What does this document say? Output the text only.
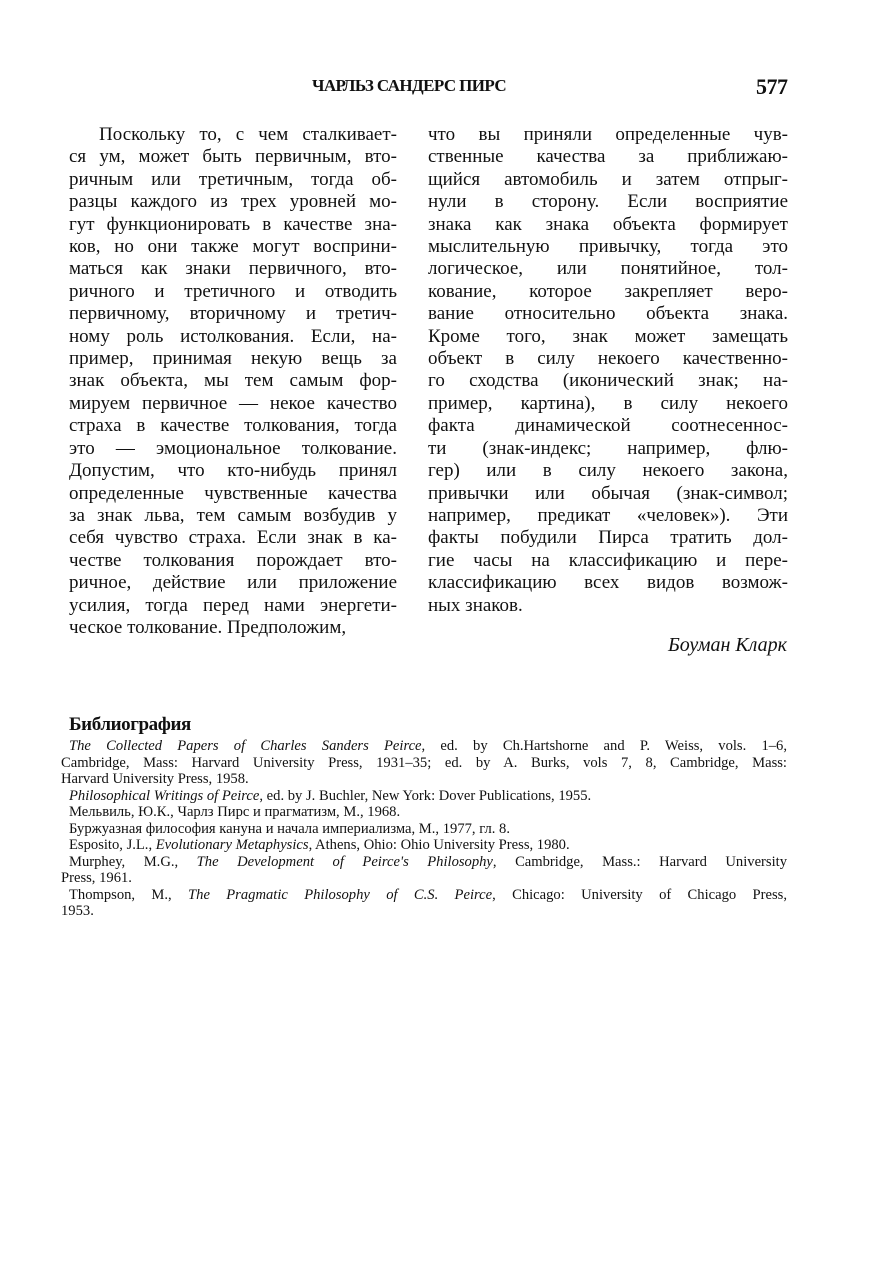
ЧАРЛЬЗ САНДЕРС ПИРС	577
Поскольку то, с чем сталкивает-
ся ум, может быть первичным, вто-
ричным или третичным, тогда об-
разцы каждого из трех уровней мо-
гут функционировать в качестве зна-
ков, но они также могут восприни-
маться как знаки первичного, вто-
ричного и третичного и отводить
первичному, вторичному и третич-
ному роль истолкования. Если, на-
пример, принимая некую вещь за
знак объекта, мы тем самым фор-
мируем первичное — некое качество
страха в качестве толкования, тогда
это — эмоциональное толкование.
Допустим, что кто-нибудь принял
определенные чувственные качества
за знак льва, тем самым возбудив у
себя чувство страха. Если знак в ка-
честве толкования порождает вто-
ричное, действие или приложение
усилия, тогда перед нами энергети-
ческое толкование. Предположим,
что вы приняли определенные чув-
ственные качества за приближаю-
щийся автомобиль и затем отпрыг-
нули в сторону. Если восприятие
знака как знака объекта формирует
мыслительную привычку, тогда это
логическое, или понятийное, тол-
кование, которое закрепляет веро-
вание относительно объекта знака.
Кроме того, знак может замещать
объект в силу некоего качественно-
го сходства (иконический знак; на-
пример, картина), в силу некоего
факта динамической соотнесеннос-
ти (знак-индекс; например, флю-
гер) или в силу некоего закона,
привычки или обычая (знак-символ;
например, предикат «человек»). Эти
факты побудили Пирса тратить дол-
гие часы на классификацию и пере-
классификацию всех видов возмож-
ных знаков.
Боуман Кларк
Библиография
The Collected Papers of Charles Sanders Peirce, ed. by Ch.Hartshorne and P. Weiss, vols. 1–6,
Cambridge, Mass: Harvard University Press, 1931–35; ed. by A. Burks, vols 7, 8, Cambridge, Mass:
Harvard University Press, 1958.
Philosophical Writings of Peirce, ed. by J. Buchler, New York: Dover Publications, 1955.
Мельвиль, Ю.К., Чарлз Пирс и прагматизм, М., 1968.
Буржуазная философия кануна и начала империализма, М., 1977, гл. 8.
Esposito, J.L., Evolutionary Metaphysics, Athens, Ohio: Ohio University Press, 1980.
Murphey, M.G., The Development of Peirce's Philosophy, Cambridge, Mass.: Harvard University
Press, 1961.
Thompson, M., The Pragmatic Philosophy of C.S. Peirce, Chicago: University of Chicago Press,
1953.
